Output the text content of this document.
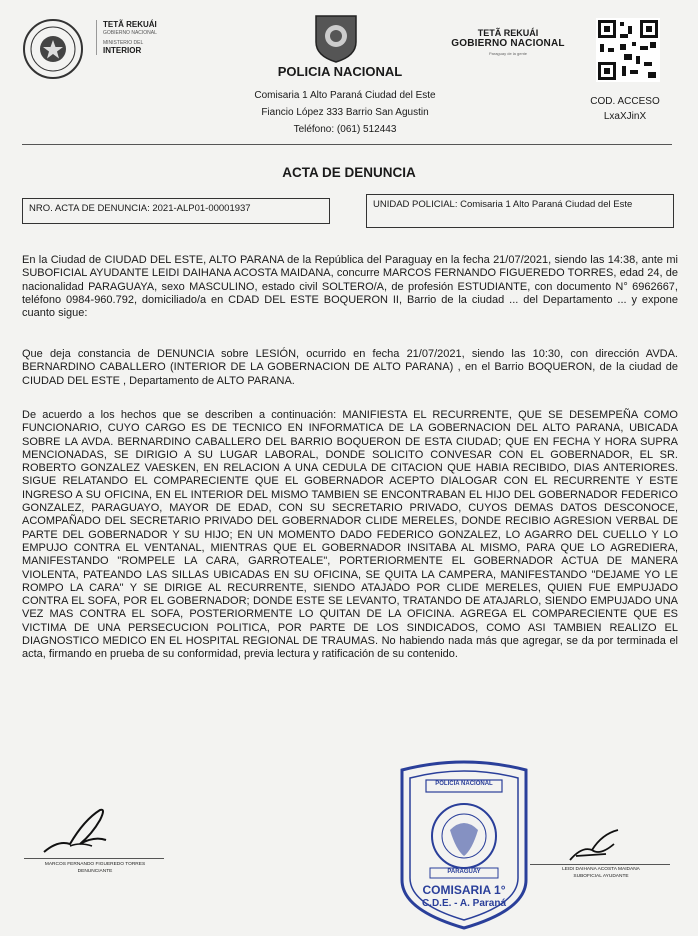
TETÃ REKUÁI
GOBIERNO NACIONAL
MINISTERIO DEL
INTERIOR
POLICIA NACIONAL
Comisaria 1 Alto Paraná Ciudad del Este
Fiancio López 333 Barrio San Agustin
Teléfono: (061) 512443
TETÃ REKUÁI
GOBIERNO NACIONAL
Paraguay de la gente
COD. ACCESO
LxaXJinX
ACTA DE DENUNCIA
NRO. ACTA DE DENUNCIA: 2021-ALP01-00001937	UNIDAD POLICIAL: Comisaria 1 Alto Paraná Ciudad del Este
En la Ciudad de CIUDAD DEL ESTE, ALTO PARANA de la República del Paraguay en la fecha 21/07/2021, siendo las 14:38, ante mi SUBOFICIAL AYUDANTE LEIDI DAIHANA ACOSTA MAIDANA, concurre MARCOS FERNANDO FIGUEREDO TORRES, edad 24, de nacionalidad PARAGUAYA, sexo MASCULINO, estado civil SOLTERO/A, de profesión ESTUDIANTE, con documento N° 6962667, teléfono 0984-960.792, domiciliado/a en CDAD DEL ESTE BOQUERON II, Barrio de la ciudad ... del Departamento ... y expone cuanto sigue:
Que deja constancia de DENUNCIA sobre LESIÓN, ocurrido en fecha 21/07/2021, siendo las 10:30, con dirección AVDA. BERNARDINO CABALLERO (INTERIOR DE LA GOBERNACION DE ALTO PARANA) , en el Barrio BOQUERON, de la ciudad de CIUDAD DEL ESTE , Departamento de ALTO PARANA.
De acuerdo a los hechos que se describen a continuación: MANIFIESTA EL RECURRENTE, QUE SE DESEMPEÑA COMO FUNCIONARIO, CUYO CARGO ES DE TECNICO EN INFORMATICA DE LA GOBERNACION DEL ALTO PARANA, UBICADA SOBRE LA AVDA. BERNARDINO CABALLERO DEL BARRIO BOQUERON DE ESTA CIUDAD; QUE EN FECHA Y HORA SUPRA MENCIONADAS, SE DIRIGIO A SU LUGAR LABORAL, DONDE SOLICITO CONVESAR CON EL GOBERNADOR, EL SR. ROBERTO GONZALEZ VAESKEN, EN RELACION A UNA CEDULA DE CITACION QUE HABIA RECIBIDO, DIAS ANTERIORES. SIGUE RELATANDO EL COMPARECIENTE QUE EL GOBERNADOR ACEPTO DIALOGAR CON EL RECURRENTE Y ESTE INGRESO A SU OFICINA, EN EL INTERIOR DEL MISMO TAMBIEN SE ENCONTRABAN EL HIJO DEL GOBERNADOR FEDERICO GONZALEZ, PARAGUAYO, MAYOR DE EDAD, CON SU SECRETARIO PRIVADO, CUYOS DEMAS DATOS DESCONOCE, ACOMPAÑADO DEL SECRETARIO PRIVADO DEL GOBERNADOR CLIDE MERELES, DONDE RECIBIO AGRESION VERBAL DE PARTE DEL GOBERNADOR Y SU HIJO; EN UN MOMENTO DADO FEDERICO GONZALEZ, LO AGARRO DEL CUELLO Y LO EMPUJO CONTRA EL VENTANAL, MIENTRAS QUE EL GOBERNADOR INSITABA AL MISMO, PARA QUE LO AGREDIERA, MANIFESTANDO "ROMPELE LA CARA, GARROTEALE", PORTERIORMENTE EL GOBERNADOR ACTUA DE MANERA VIOLENTA, PATEANDO LAS SILLAS UBICADAS EN SU OFICINA, SE QUITA LA CAMPERA, MANIFESTANDO "DEJAME YO LE ROMPO LA CARA" Y SE DIRIGE AL RECURRENTE, SIENDO ATAJADO POR CLIDE MERELES, QUIEN FUE EMPUJADO CONTRA EL SOFA, POR EL GOBERNADOR; DONDE ESTE SE LEVANTO, TRATANDO DE ATAJARLO, SIENDO EMPUJADO UNA VEZ MAS CONTRA EL SOFA, POSTERIORMENTE LO QUITAN DE LA OFICINA. AGREGA EL COMPARECIENTE QUE ES VICTIMA DE UNA PERSECUCION POLITICA, POR PARTE DE LOS SINDICADOS, COMO ASI TAMBIEN REALIZO EL DIAGNOSTICO MEDICO EN EL HOSPITAL REGIONAL DE TRAUMAS. No habiendo nada más que agregar, se da por terminada el acta, firmando en prueba de su conformidad, previa lectura y ratificación de su contenido.
MARCOS FERNANDO FIGUEREDO TORRES
DENUNCIANTE	LEIDI DAIHANA ACOSTA MAIDANA
SUBOFICIAL AYUDANTE
POLICIA NACIONAL
PARAGUAY
COMISARIA 1°
C.D.E. - A. Paraná
